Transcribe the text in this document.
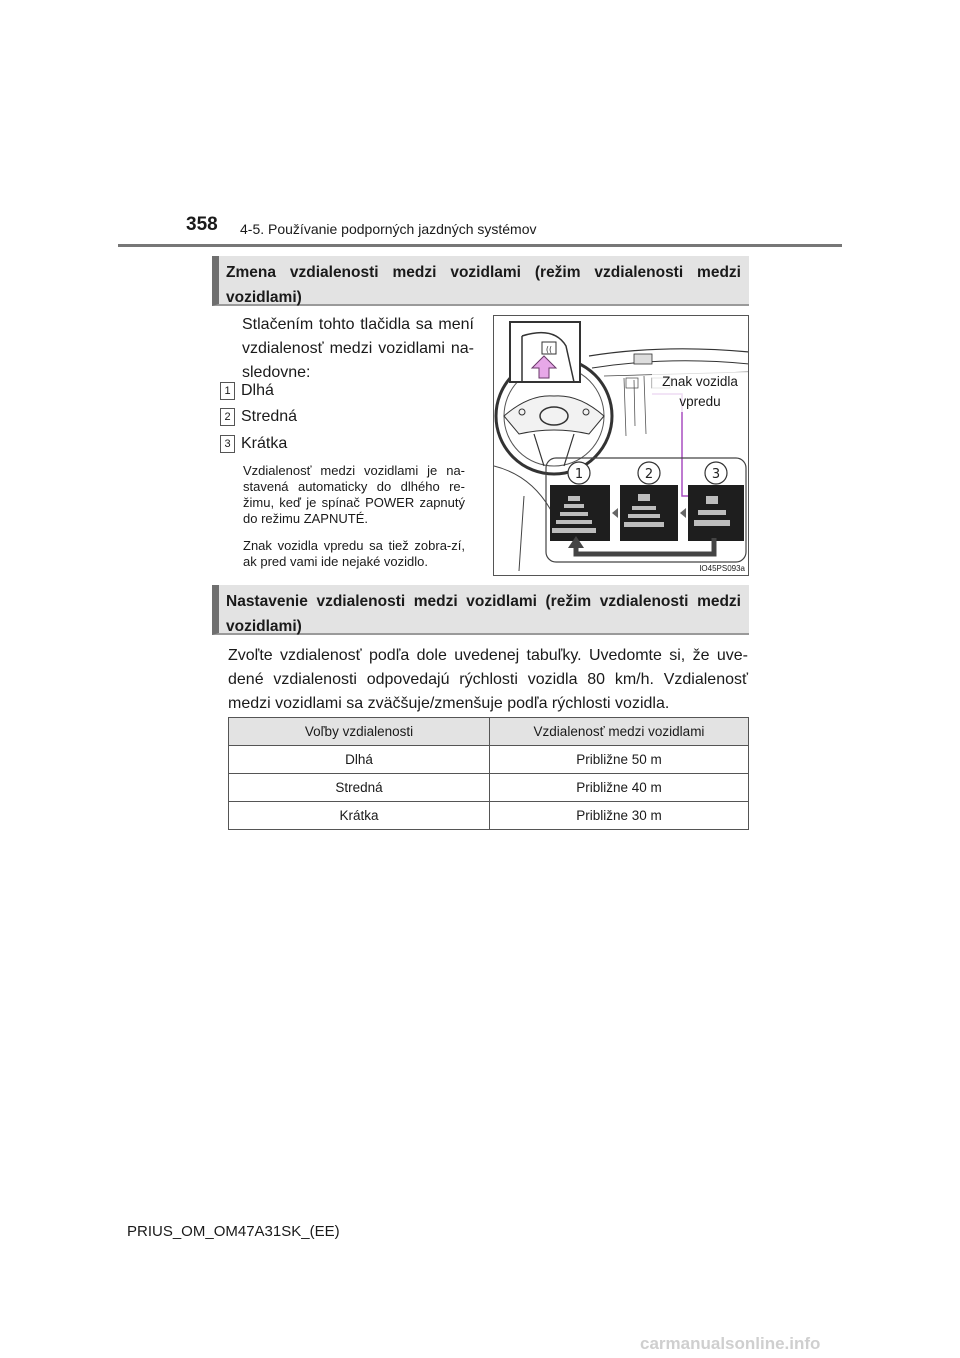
358 4-5. Používanie podporných jazdných systémov
Zmena vzdialenosti medzi vozidlami (režim vzdialenosti medzi vozidlami)
Stlačením tohto tlačidla sa mení vzdialenosť medzi vozidlami na-sledovne:
1 Dlhá
2 Stredná
3 Krátka
Vzdialenosť medzi vozidlami je na-stavená automaticky do dlhého re-žimu, keď je spínač POWER zapnutý do režimu ZAPNUTÉ.
Znak vozidla vpredu sa tiež zobra-zí, ak pred vami ide nejaké vozidlo.
((
1	2	3
Znak vozidla
vpredu
IO45PS093a
Nastavenie vzdialenosti medzi vozidlami (režim vzdialenosti medzi vozidlami)
Zvoľte vzdialenosť podľa dole uvedenej tabuľky. Uvedomte si, že uve-dené vzdialenosti odpovedajú rýchlosti vozidla 80 km/h. Vzdialenosť medzi vozidlami sa zväčšuje/zmenšuje podľa rýchlosti vozidla.
Voľby vzdialenosti	Vzdialenosť medzi vozidlami
Dlhá	Približne 50 m
Stredná	Približne 40 m
Krátka	Približne 30 m
PRIUS_OM_OM47A31SK_(EE)
carmanualsonline.info
